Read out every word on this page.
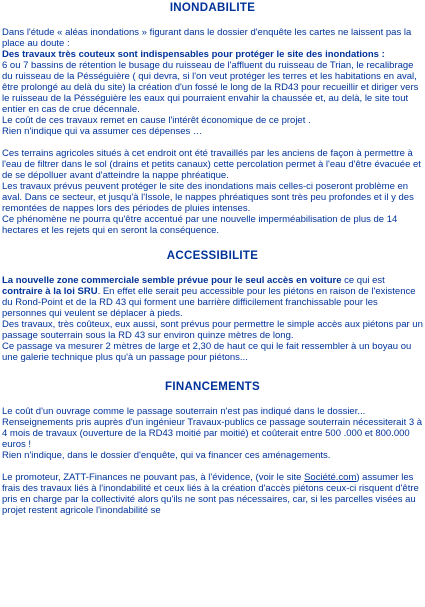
INONDABILITE

Dans l'étude « aléas inondations » figurant dans le dossier d'enquête les cartes ne laissent pas la place au doute :
Des travaux très couteux sont indispensables pour protéger le site des inondations :
6 ou 7 bassins de rétention le busage du ruisseau de l'affluent du ruisseau de Trian, le recalibrage du ruisseau de la Pésséguière ( qui devra, si l'on veut protéger les terres et les habitations en aval, être prolongé au delà du site) la création d'un fossé le long de la RD43 pour recueillir et diriger vers le ruisseau de la Pésséguière les eaux qui pourraient envahir la chaussée et, au delà, le site tout entier en cas de crue décennale.
Le coût de ces travaux remet en cause l'intérêt économique de ce projet .
Rien n'indique qui va assumer ces dépenses …

Ces terrains agricoles situés à cet endroit ont été travaillés par les anciens de façon à permettre à l'eau de filtrer dans le sol (drains et petits canaux) cette percolation permet à l'eau d'être évacuée et de se dépolluer avant d'atteindre la nappe phréatique.

Les travaux prévus peuvent protéger le site des inondations mais celles-ci poseront problème en aval. Dans ce secteur, et jusqu'à l'Issole, le nappes phréatiques sont très peu profondes et il y des remontées de nappes lors des périodes de pluies intenses.

Ce phénomène ne pourra qu'être accentué par une nouvelle imperméabilisation de plus de 14 hectares et les rejets qui en seront la conséquence.

ACCESSIBILITE

La nouvelle zone commerciale semble prévue pour le seul accès en voiture ce qui est contraire à la loi SRU. En effet elle serait peu accessible pour les piétons en raison de l'existence du Rond-Point et de la RD 43 qui forment une barrière difficilement franchissable pour les personnes qui veulent se déplacer à pieds.

Des travaux, très coûteux, eux aussi, sont prévus pour permettre le simple accès aux piétons par un passage souterrain sous la RD 43 sur environ quinze mètres de long.

Ce passage va mesurer 2 mètres de large et 2,30 de haut ce qui le fait ressembler à un boyau ou une galerie technique plus qu'à un passage pour piétons...

FINANCEMENTS

Le coût d'un ouvrage comme le passage souterrain n'est pas indiqué dans le dossier... Renseignements pris auprès d'un ingénieur Travaux-publics ce passage souterrain nécessiterait 3 à 4 mois de travaux (ouverture de la RD43 moitié par moitié) et coûterait entre 500 .000 et 800.000 euros !
Rien n'indique, dans le dossier d'enquête, qui va financer ces aménagements.

Le promoteur, ZATT-Finances ne pouvant pas, à l'évidence, (voir le site Société.com) assumer les frais des travaux liés à l'inondabilité et ceux liés à la création d'accès piétons ceux-ci risquent d'être pris en charge par la collectivité alors qu'ils ne sont pas nécessaires, car, si les parcelles visées au projet restent agricole l'inondabilité se
